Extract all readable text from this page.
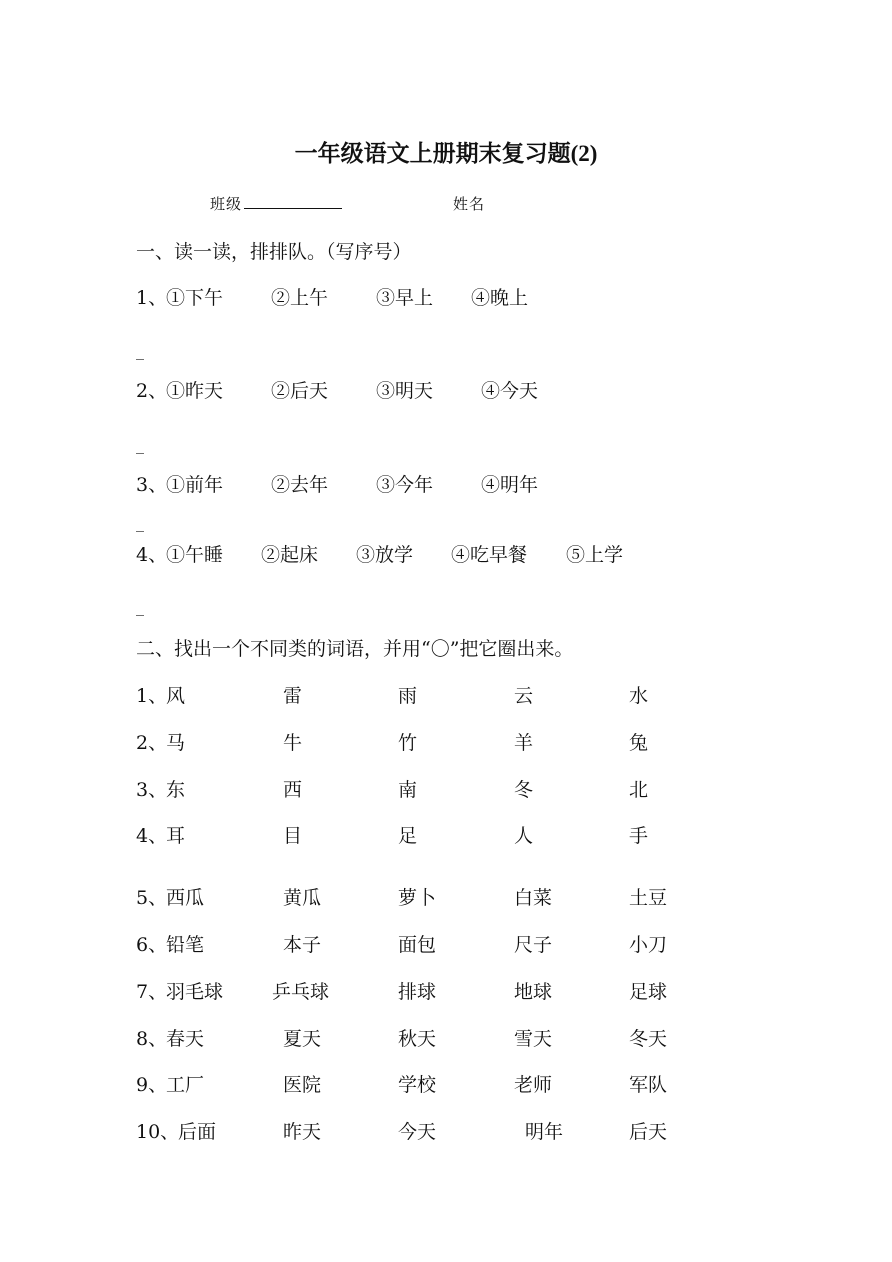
一年级语文上册期末复习题(2)
班级	姓名
一、读一读，排排队。（写序号）
1、
①下午	②上午	③早上 ④晚上
_
2、
①昨天	②后天	③明天	④今天
_
3、
①前年	②去年	③今年	④明年
_
4、
①午睡 ②起床 ③放学 ④吃早餐 ⑤上学
_
二、找出一个不同类的词语，并用“〇”把它圈出来。
1、
风	雷	雨	云	水
2、
马	牛	竹	羊	兔
3、
东	西	南	冬	北
4、
耳	目	足	人	手
5、
西瓜	黄瓜	萝卜	白菜	土豆
6、
铅笔	本子	面包	尺子	小刀
7、
羽毛球	乒乓球	排球	地球	足球
8、
春天	夏天	秋天	雪天	冬天
9、
工厂	医院	学校	老师	军队
10、
后面	昨天	今天	明年	后天
